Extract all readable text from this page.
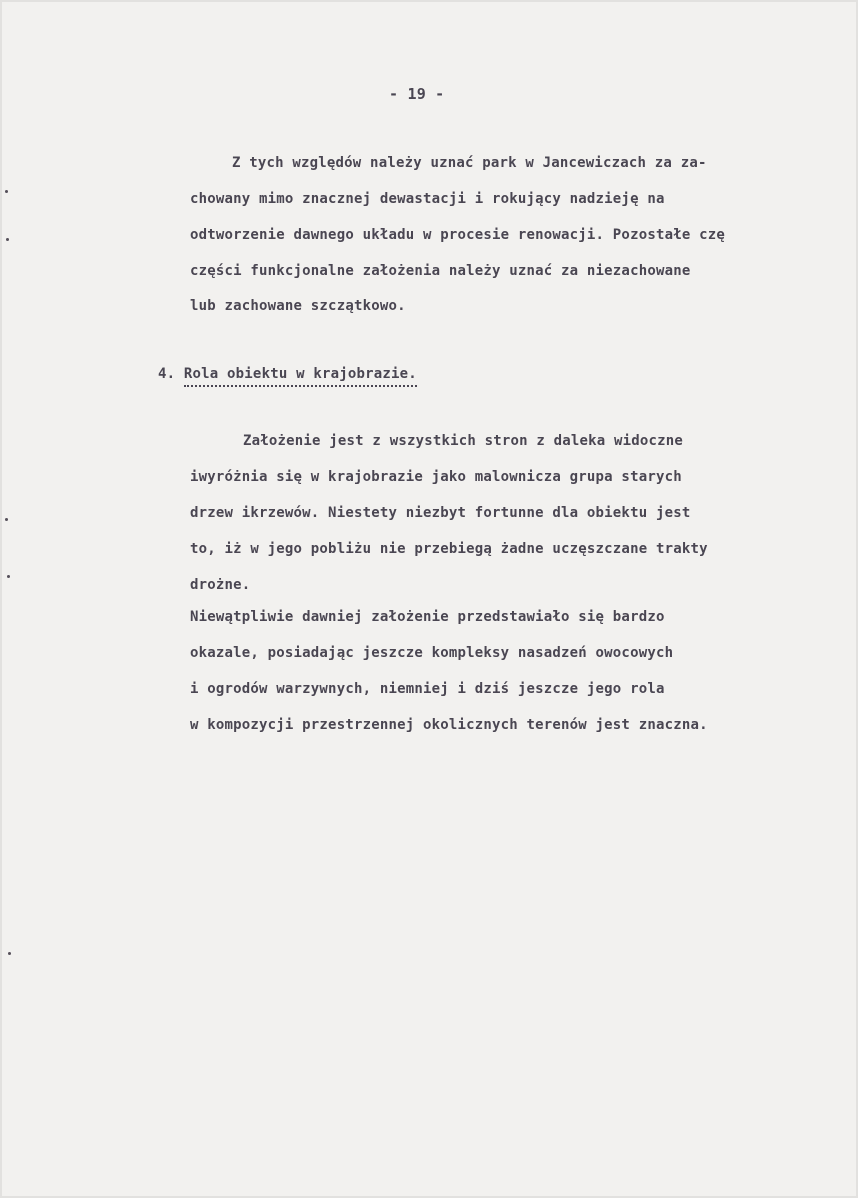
- 19 -
Z tych względów należy uznać park w Jancewiczach za za-
chowany mimo znacznej dewastacji i rokujący nadzieję na
odtworzenie dawnego układu w procesie renowacji. Pozostałe czę
części funkcjonalne założenia należy uznać za niezachowane
lub zachowane szczątkowo.
4. Rola obiektu w krajobrazie.
Założenie jest z wszystkich stron z daleka widoczne
iwyróżnia się w krajobrazie jako malownicza grupa starych
drzew ikrzewów. Niestety niezbyt fortunne dla obiektu jest
to, iż w jego pobliżu nie przebiegą żadne uczęszczane trakty
drożne.
Niewątpliwie dawniej założenie przedstawiało się bardzo
okazale, posiadając jeszcze kompleksy nasadzeń owocowych
i ogrodów warzywnych, niemniej i dziś jeszcze jego rola
w kompozycji przestrzennej okolicznych terenów jest znaczna.
